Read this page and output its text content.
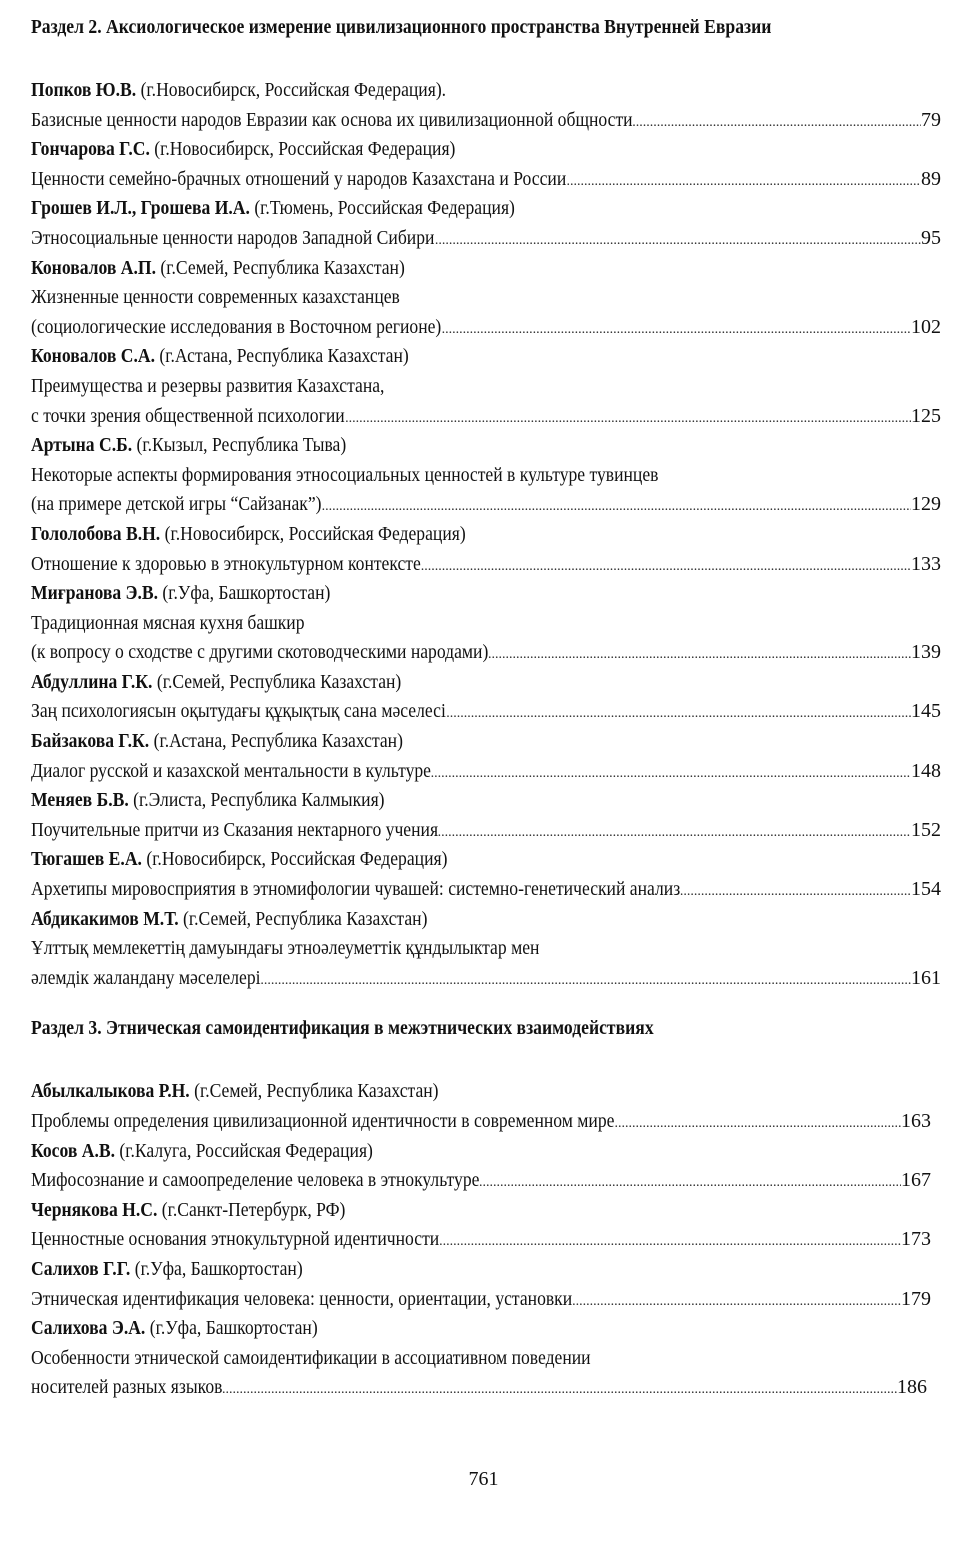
Раздел 2. Аксиологическое измерение цивилизационного пространства Внутренней Евразии
Попков Ю.В. (г.Новосибирск, Российская Федерация).
Базисные ценности народов Евразии как основа их цивилизационной общности .....	79
Гончарова Г.С. (г.Новосибирск, Российская Федерация)
Ценности семейно-брачных отношений у народов Казахстана и России .....	89
Грошев И.Л., Грошева И.А. (г.Тюмень, Российская Федерация)
Этносоциальные ценности народов Западной Сибири .....	95
Коновалов А.П. (г.Семей, Республика Казахстан)
Жизненные ценности современных казахстанцев
(социологические исследования в Восточном регионе) .....	102
Коновалов С.А. (г.Астана, Республика Казахстан)
Преимущества и резервы развития Казахстана,
с точки зрения общественной психологии .....	125
Артына С.Б. (г.Кызыл, Республика Тыва)
Некоторые аспекты формирования этносоциальных ценностей в культуре тувинцев
(на примере детской игры “Сайзанак”) .....	129
Гололобова В.Н. (г.Новосибирск, Российская Федерация)
Отношение к здоровью в этнокультурном контексте .....	133
Миғранова Э.В. (г.Уфа, Башкортостан)
Традиционная мясная кухня башкир
(к вопросу о сходстве с другими скотоводческими народами) .....	139
Абдуллина Г.К. (г.Семей, Республика Казахстан)
Заң психологиясын оқытудағы құқықтық сана мәселесі .....	145
Байзакова Г.К. (г.Астана, Республика Казахстан)
Диалог русской и казахской ментальности в культуре .....	148
Меняев Б.В. (г.Элиста, Республика Калмыкия)
Поучительные притчи из Сказания нектарного учения .....	152
Тюгашев Е.А. (г.Новосибирск, Российская Федерация)
Архетипы мировосприятия в этномифологии чувашей: системно-генетический анализ .....	154
Абдикакимов М.Т. (г.Семей, Республика Казахстан)
Ұлттық мемлекеттің дамуындағы этноәлеуметтік құндылыктар мен
әлемдік жаландану мәселелері .....	161
Раздел 3. Этническая самоидентификация в межэтнических взаимодействиях
Абылкалыкова Р.Н. (г.Семей, Республика Казахстан)
Проблемы определения цивилизационной идентичности в современном мире .....	163
Косов А.В. (г.Калуга, Российская Федерация)
Мифосознание и самоопределение человека в этнокультуре .....	167
Чернякова Н.С. (г.Санкт-Петербурк, РФ)
Ценностные основания этнокультурной идентичности .....	173
Салихов Г.Г. (г.Уфа, Башкортостан)
Этническая идентификация человека: ценности, ориентации, установки .....	179
Салихова Э.А. (г.Уфа, Башкортостан)
Особенности этнической самоидентификации в ассоциативном поведении
носителей разных языков .....	186
761
